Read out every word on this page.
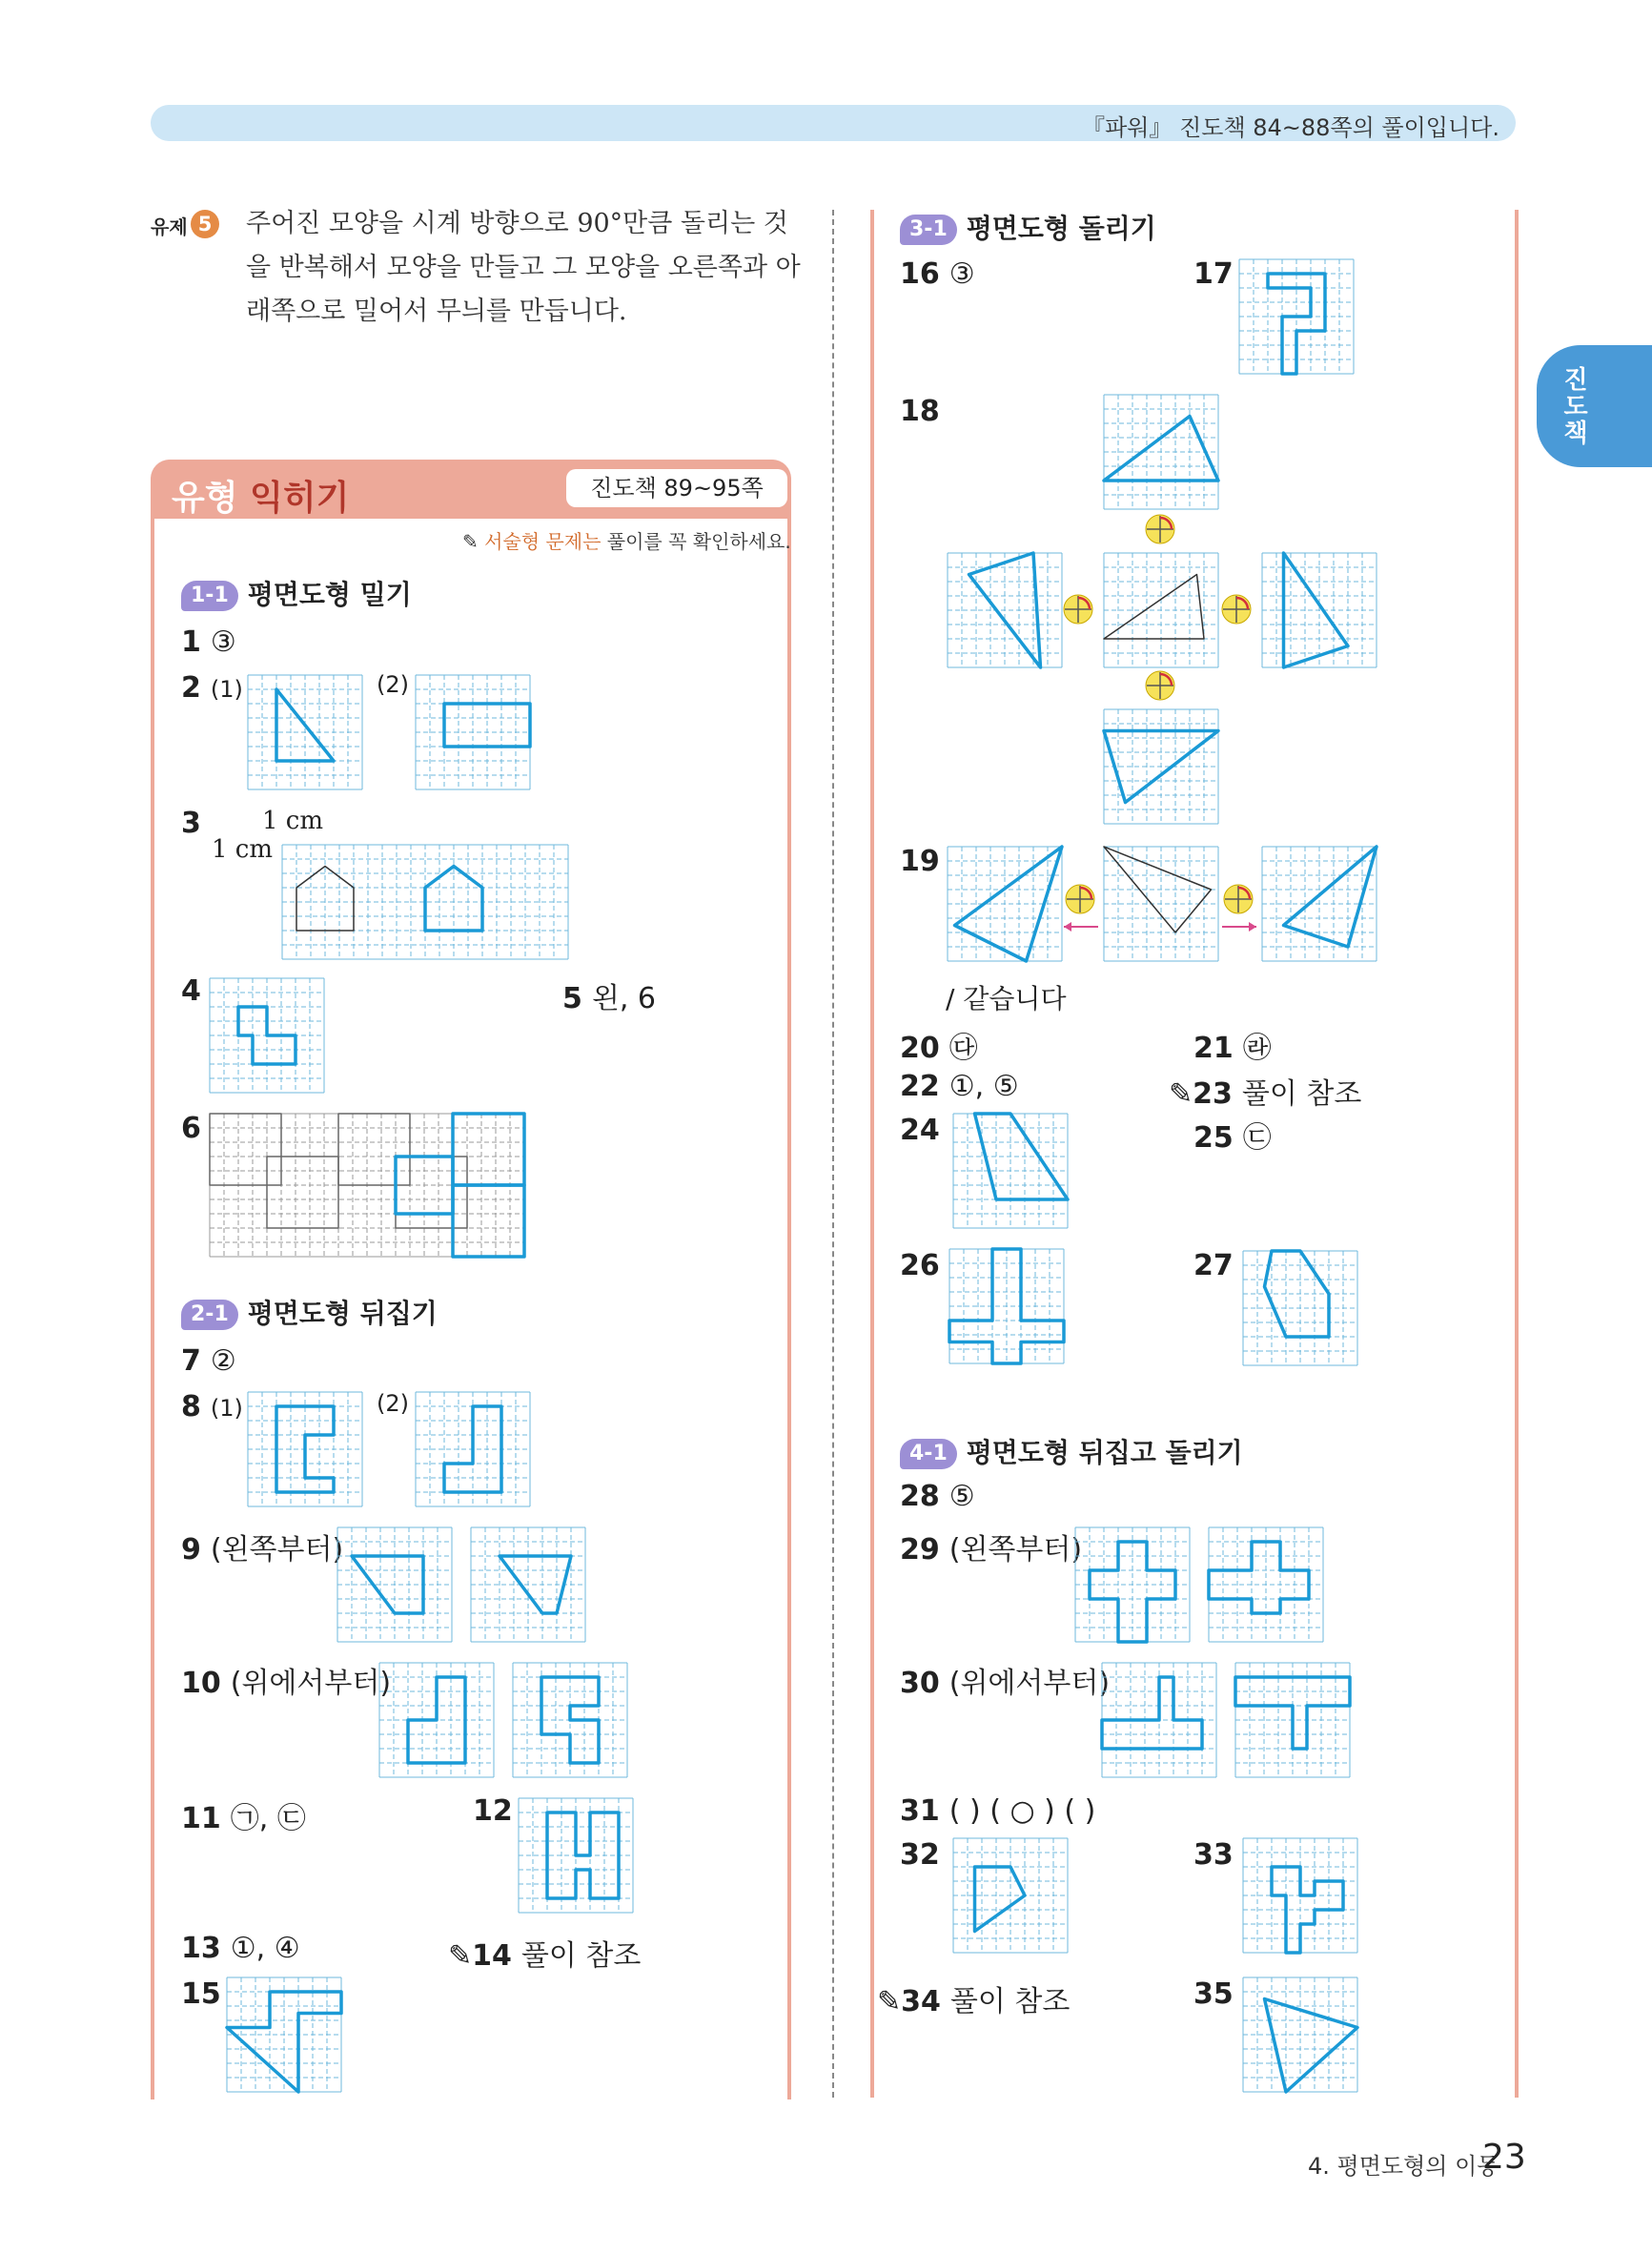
『파워』 진도책 84~88쪽의 풀이입니다.
진도책
유제 5 주어진 모양을 시계 방향으로 90°만큼 돌리는 것을 반복해서 모양을 만들고 그 모양을 오른쪽과 아래쪽으로 밀어서 무늬를 만듭니다.
유형 익히기	진도책 89~95쪽
✎ 서술형 문제는 풀이를 꼭 확인하세요.
1-1 평면도형 밀기
1 ③
2 (1)	(2)
3 1 cm
1 cm
4	5 왼, 6
6
2-1 평면도형 뒤집기
7 ②
8 (1)	(2)
9 (왼쪽부터)
10 (위에서부터)
11 ㉠, ㉢	12
13 ①, ④	✎14 풀이 참조
15
3-1 평면도형 돌리기
16 ③	17
18
19
/ 같습니다
20 ㉰	21 ㉱
22 ①, ⑤	✎23 풀이 참조
24	25 ㉢
26	27
4-1 평면도형 뒤집고 돌리기
28 ⑤
29 (왼쪽부터)
30 (위에서부터)
31 ( ) ( ○ ) ( )
32	33
✎34 풀이 참조	35
4. 평면도형의 이동
23
